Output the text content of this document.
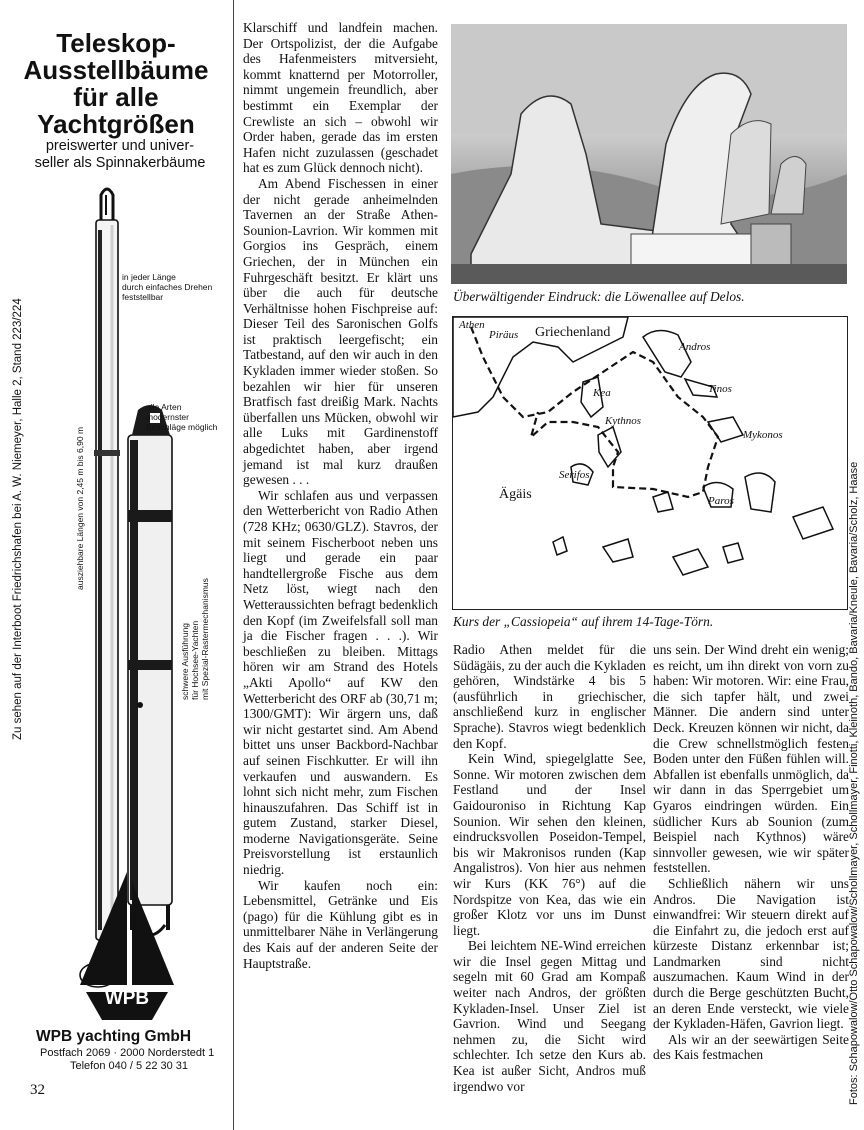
Teleskop-
Ausstellbäume
für alle
Yachtgrößen
preiswerter und univer-
seller als Spinnakerbäume
in jeder Länge
durch einfaches Drehen
feststellbar
alle Arten
modernster
Beschläge möglich
Zu sehen auf der Interboot Friedrichshafen bei A. W. Niemeyer, Halle 2, Stand 223/224	ausziehbare Längen von 2,45 m bis 6,90 m
schwere Ausführung für Hochsee-Yachten mit Spezial-Rastermechanismus
WPB
WPB yachting GmbH
Postfach 2069 · 2000 Norderstedt 1
Telefon 040 / 5 22 30 31
32

Klarschiff und landfein machen. Der Ortspolizist, der die Aufgabe des Hafenmeisters mitversieht, kommt knatternd per Motorroller, nimmt ungemein freundlich, aber bestimmt ein Exemplar der Crewliste an sich – obwohl wir Order haben, gerade das im ersten Hafen nicht zuzulassen (geschadet hat es zum Glück dennoch nicht).

Am Abend Fischessen in einer der nicht gerade anheimelnden Tavernen an der Straße Athen-Sounion-Lavrion. Wir kommen mit Gorgios ins Gespräch, einem Griechen, der in München ein Fuhrgeschäft besitzt. Er klärt uns über die auch für deutsche Verhältnisse hohen Fischpreise auf: Dieser Teil des Saronischen Golfs ist praktisch leergefischt; ein Tatbestand, auf den wir auch in den Kykladen immer wieder stoßen. So bezahlen wir hier für unseren Bratfisch fast dreißig Mark. Nachts überfallen uns Mücken, obwohl wir alle Luks mit Gardinenstoff abgedichtet haben, aber irgend jemand ist mal kurz draußen gewesen . . .

Wir schlafen aus und verpassen den Wetterbericht von Radio Athen (728 KHz; 0630/GLZ). Stavros, der mit seinem Fischerboot neben uns liegt und gerade ein paar handtellergroße Fische aus dem Netz löst, wiegt nach den Wetteraussichten befragt bedenklich den Kopf (im Zweifelsfall soll man ja die Fischer fragen . . .). Wir beschließen zu bleiben. Mittags hören wir am Strand des Hotels „Akti Apollo“ auf KW den Wetterbericht des ORF ab (30,71 m; 1300/GMT): Wir ärgern uns, daß wir nicht gestartet sind. Am Abend bittet uns unser Backbord-Nachbar auf seinen Fischkutter. Er will ihn verkaufen und auswandern. Es lohnt sich nicht mehr, zum Fischen hinauszufahren. Das Schiff ist in gutem Zustand, starker Diesel, moderne Navigationsgeräte. Seine Preisvorstellung ist erstaunlich niedrig.

Wir kaufen noch ein: Lebensmittel, Getränke und Eis (pago) für die Kühlung gibt es in unmittelbarer Nähe in Verlängerung des Kais auf der anderen Seite der Hauptstraße.

Überwältigender Eindruck: die Löwenallee auf Delos.
Athen
Piräus Griechenland
Andros
Kea	Tinos
Kythnos
Mykonos
Serifos
Ägäis	Paros
Kurs der „Cassiopeia“ auf ihrem 14-Tage-Törn.

Radio Athen meldet für die Südägäis, zu der auch die Kykladen gehören, Windstärke 4 bis 5 (ausführlich in griechischer, anschließend kurz in englischer Sprache). Stavros wiegt bedenklich den Kopf.

Kein Wind, spiegelglatte See, Sonne. Wir motoren zwischen dem Festland und der Insel Gaidouronisо in Richtung Kap Sounion. Wir sehen den kleinen, eindrucksvollen Poseidon-Tempel, bis wir Makronisos runden (Kap Angalistros). Von hier aus nehmen wir Kurs (KK 76°) auf die Nordspitze von Kea, das wie ein großer Klotz vor uns im Dunst liegt.

Bei leichtem NE-Wind erreichen wir die Insel gegen Mittag und segeln mit 60 Grad am Kompaß weiter nach Andros, der größten Kykladen-Insel. Unser Ziel ist Gavrion. Wind und Seegang nehmen zu, die Sicht wird schlechter. Ich setze den Kurs ab. Kea ist außer Sicht, Andros muß irgendwo vor

uns sein. Der Wind dreht ein wenig; es reicht, um ihn direkt von vorn zu haben: Wir motoren. Wir: eine Frau, die sich tapfer hält, und zwei Männer. Die andern sind unter Deck. Kreuzen können wir nicht, da die Crew schnellstmöglich festen Boden unter den Füßen fühlen will. Abfallen ist ebenfalls unmöglich, da wir dann in das Sperrgebiet um Gyaros eindringen würden. Ein südlicher Kurs ab Sounion (zum Beispiel nach Kythnos) wäre sinnvoller gewesen, wie wir später feststellen.

Schließlich nähern wir uns Andros. Die Navigation ist einwandfrei: Wir steuern direkt auf die Einfahrt zu, die jedoch erst auf kürzeste Distanz erkennbar ist; Landmarken sind nicht auszumachen. Kaum Wind in der durch die Berge geschützten Bucht, an deren Ende versteckt, wie viele der Kykladen-Häfen, Gavrion liegt.

Als wir an der seewärtigen Seite des Kais festmachen	Fotos: Schapowalow/Otto Schapowalow/Schollmayer, Schollmayer, Finotti, Kleinoth, Bando, Bavaria/Kneule, Bavaria/Scholz, Haase
